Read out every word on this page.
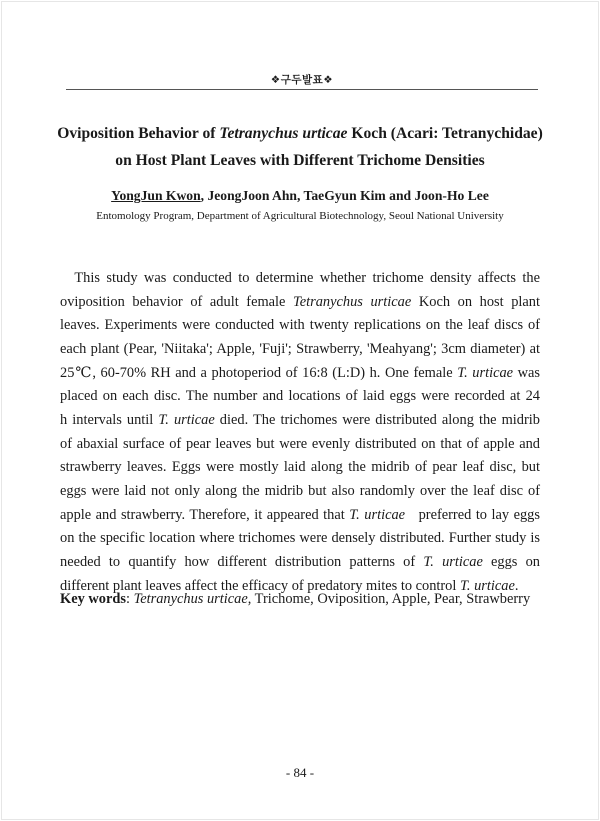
❖구두발표❖
Oviposition Behavior of Tetranychus urticae Koch (Acari: Tetranychidae)
on Host Plant Leaves with Different Trichome Densities
YongJun Kwon, JeongJoon Ahn, TaeGyun Kim and Joon-Ho Lee
Entomology Program, Department of Agricultural Biotechnology, Seoul National University
 This study was conducted to determine whether trichome density affects the
oviposition behavior of adult female Tetranychus urticae Koch on host plant
leaves. Experiments were conducted with twenty replications on the leaf discs of
each plant (Pear, 'Niitaka'; Apple, 'Fuji'; Strawberry, 'Meahyang'; 3cm diameter) at
25℃, 60-70% RH and a photoperiod of 16:8 (L:D) h. One female T. urticae was
placed on each disc. The number and locations of laid eggs were recorded at 24
h intervals until T. urticae died. The trichomes were distributed along the midrib
of abaxial surface of pear leaves but were evenly distributed on that of apple and
strawberry leaves. Eggs were mostly laid along the midrib of pear leaf disc, but
eggs were laid not only along the midrib but also randomly over the leaf disc of
apple and strawberry. Therefore, it appeared that T. urticae   preferred to lay eggs
on the specific location where trichomes were densely distributed. Further study is
needed to quantify how different distribution patterns of T. urticae eggs on
different plant leaves affect the efficacy of predatory mites to control T. urticae.
Key words: Tetranychus urticae, Trichome, Oviposition, Apple, Pear, Strawberry
- 84 -
